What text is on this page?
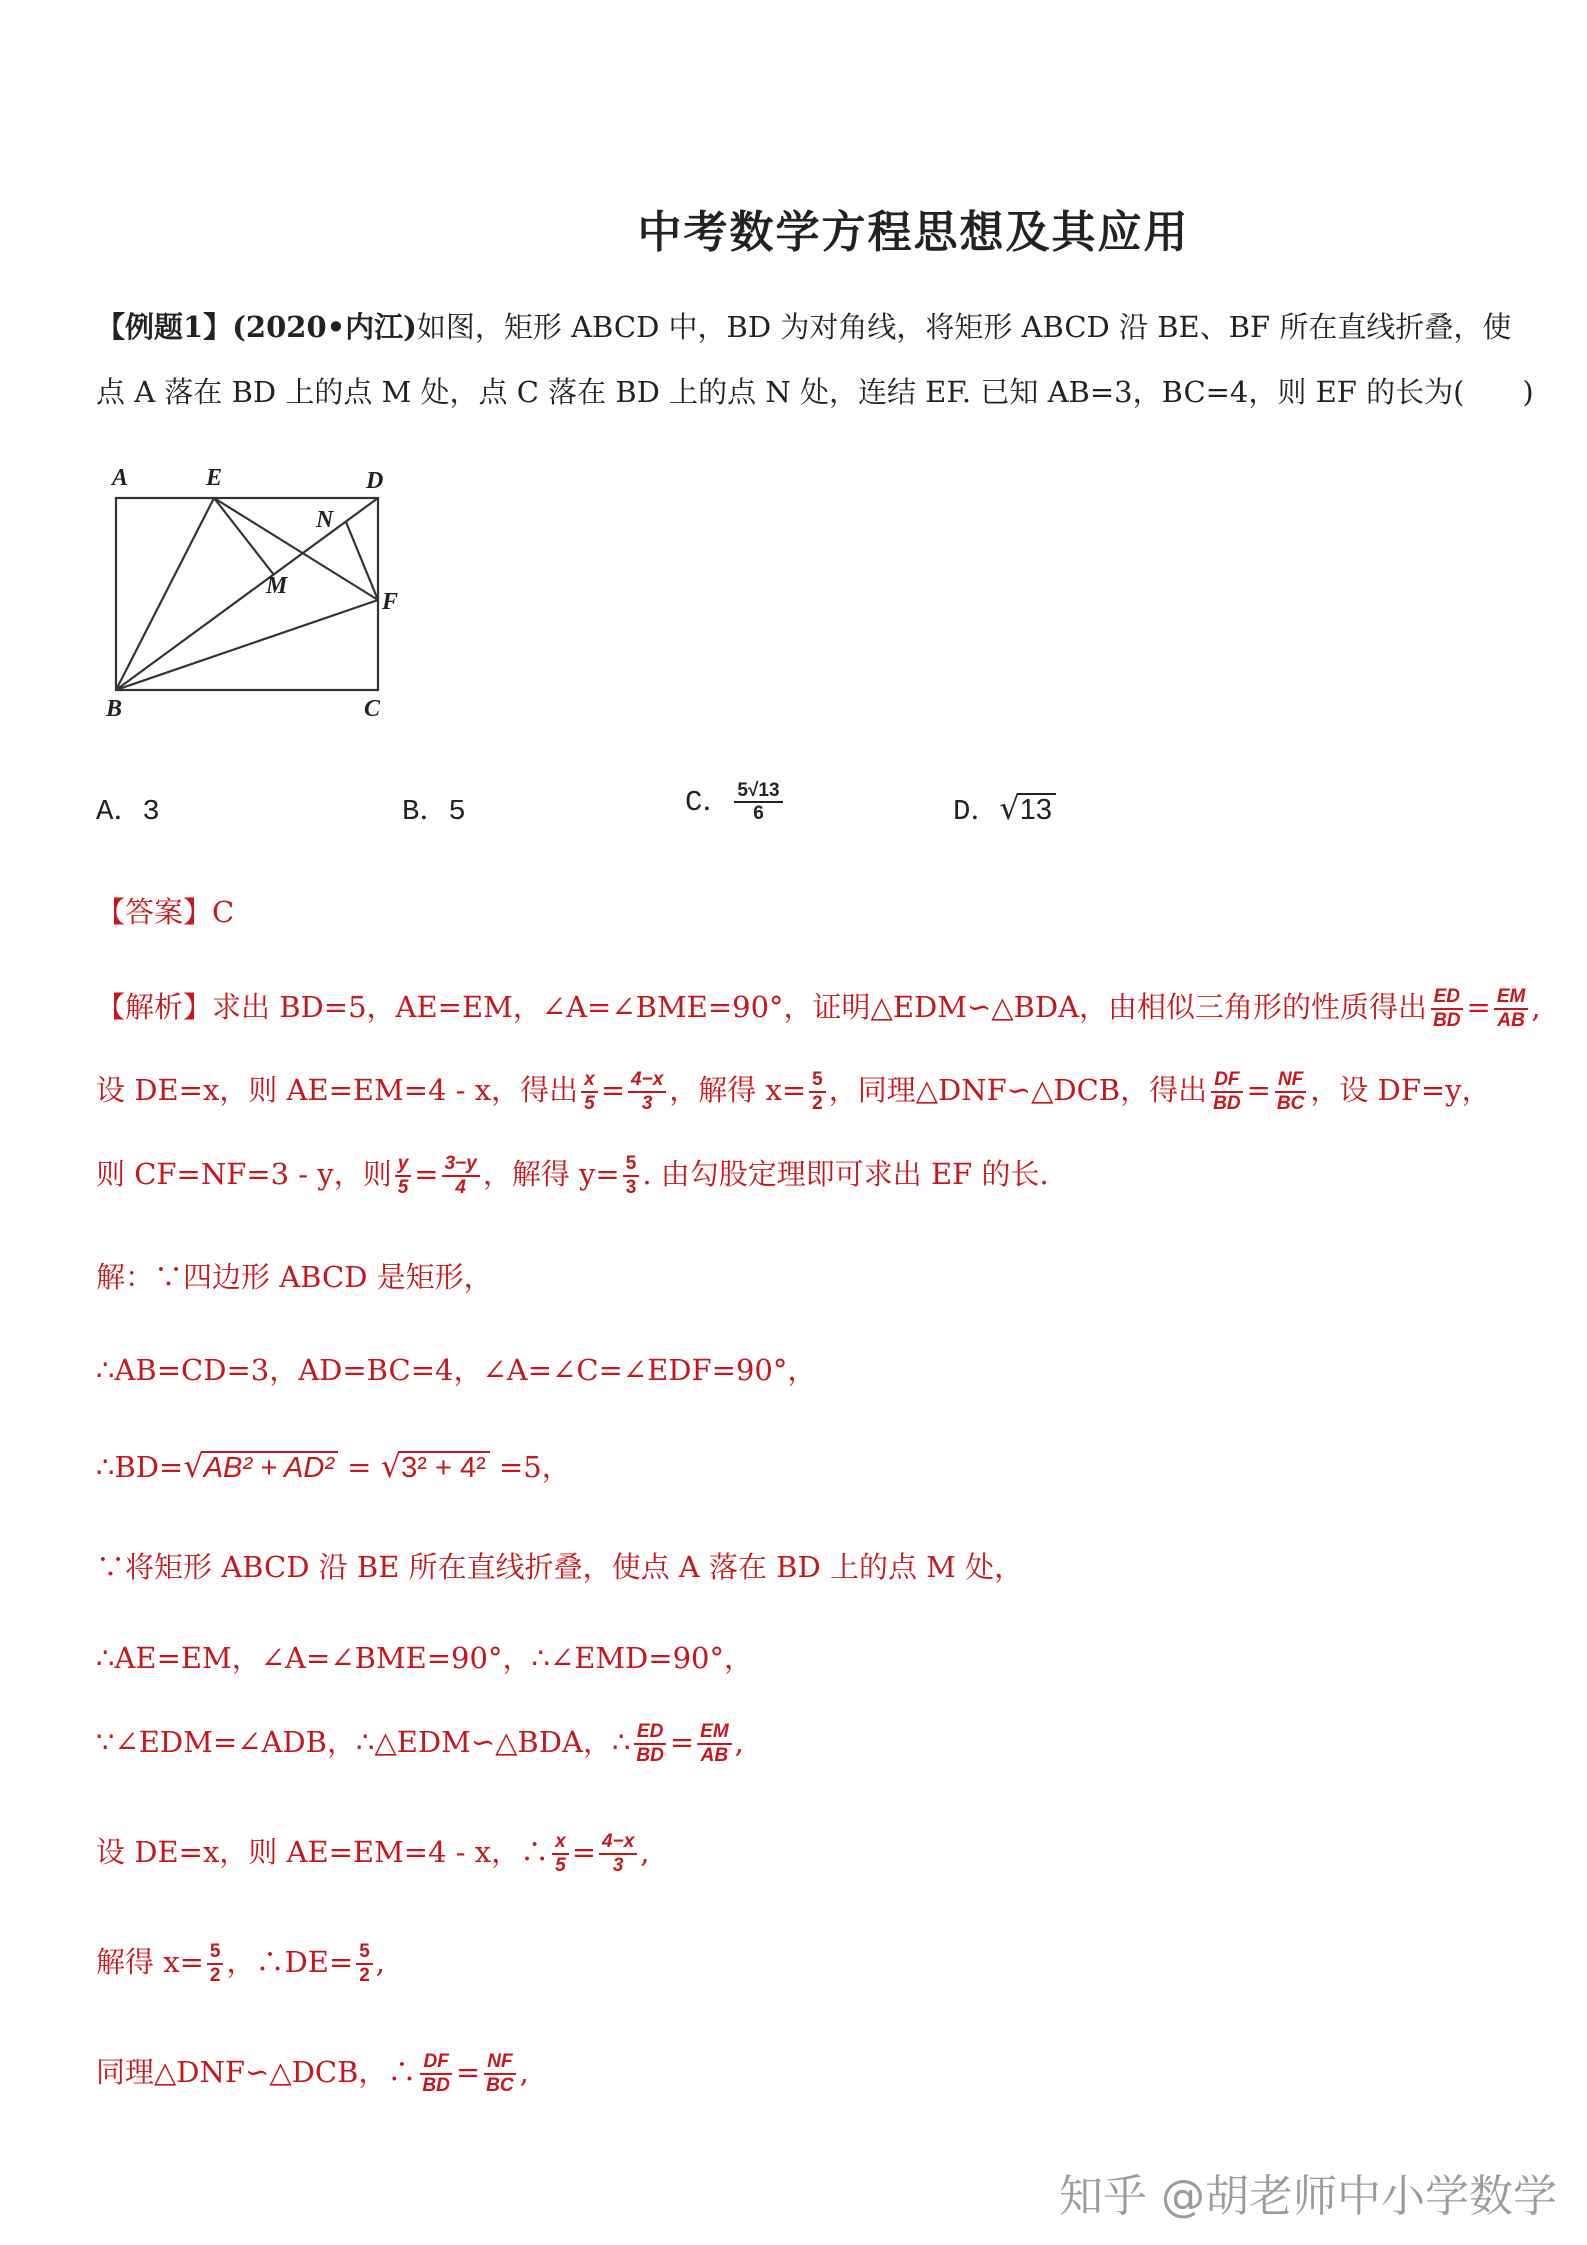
中考数学方程思想及其应用
【例题1】(2020•内江)如图，矩形 ABCD 中，BD 为对角线，将矩形 ABCD 沿 BE、BF 所在直线折叠，使
点 A 落在 BD 上的点 M 处，点 C 落在 BD 上的点 N 处，连结 EF. 已知 AB=3，BC=4，则 EF 的长为(　　)
A	E	D
N
M
F
B	C
A．3	B．5	C． $\frac{5√13}{6}$	D．√13
【答案】C
【解析】求出 BD=5，AE=EM，∠A=∠BME=90°，证明△EDM∽△BDA，由相似三角形的性质得出 $\frac{ED}{BD} = \frac{EM}{AB}$ ,
设 DE=x，则 AE=EM=4 - x，得出 $\frac{x}{5} = \frac{4-x}{3}$ ，解得 $x= \frac{5}{2}$ ，同理△DNF∽△DCB，得出 $\frac{DF}{BD} = \frac{NF}{BC}$ ，设 DF=y，
则 CF=NF=3 - y，则 $\frac{y}{5} = \frac{3-y}{4}$ ，解得 $y= \frac{5}{3}$ . 由勾股定理即可求出 EF 的长.
解：∵四边形 ABCD 是矩形，
∴AB=CD=3，AD=BC=4，∠A=∠C=∠EDF=90°，
∴BD=√AB² + AD² = √3² + 4² =5，
∵将矩形 ABCD 沿 BE 所在直线折叠，使点 A 落在 BD 上的点 M 处，
∴AE=EM，∠A=∠BME=90°，∴∠EMD=90°，
∵∠EDM=∠ADB，∴△EDM∽△BDA，∴ $\frac{ED}{BD} = \frac{EM}{AB}$ ,
设 DE=x，则 AE=EM=4 - x，∴ $\frac{x}{5} = \frac{4-x}{3}$ ,
解得 $x= \frac{5}{2}$ ，∴DE= $\frac{5}{2}$ ,
同理△DNF∽△DCB，∴ $\frac{DF}{BD} = \frac{NF}{BC}$ ,
知乎 @胡老师中小学数学
